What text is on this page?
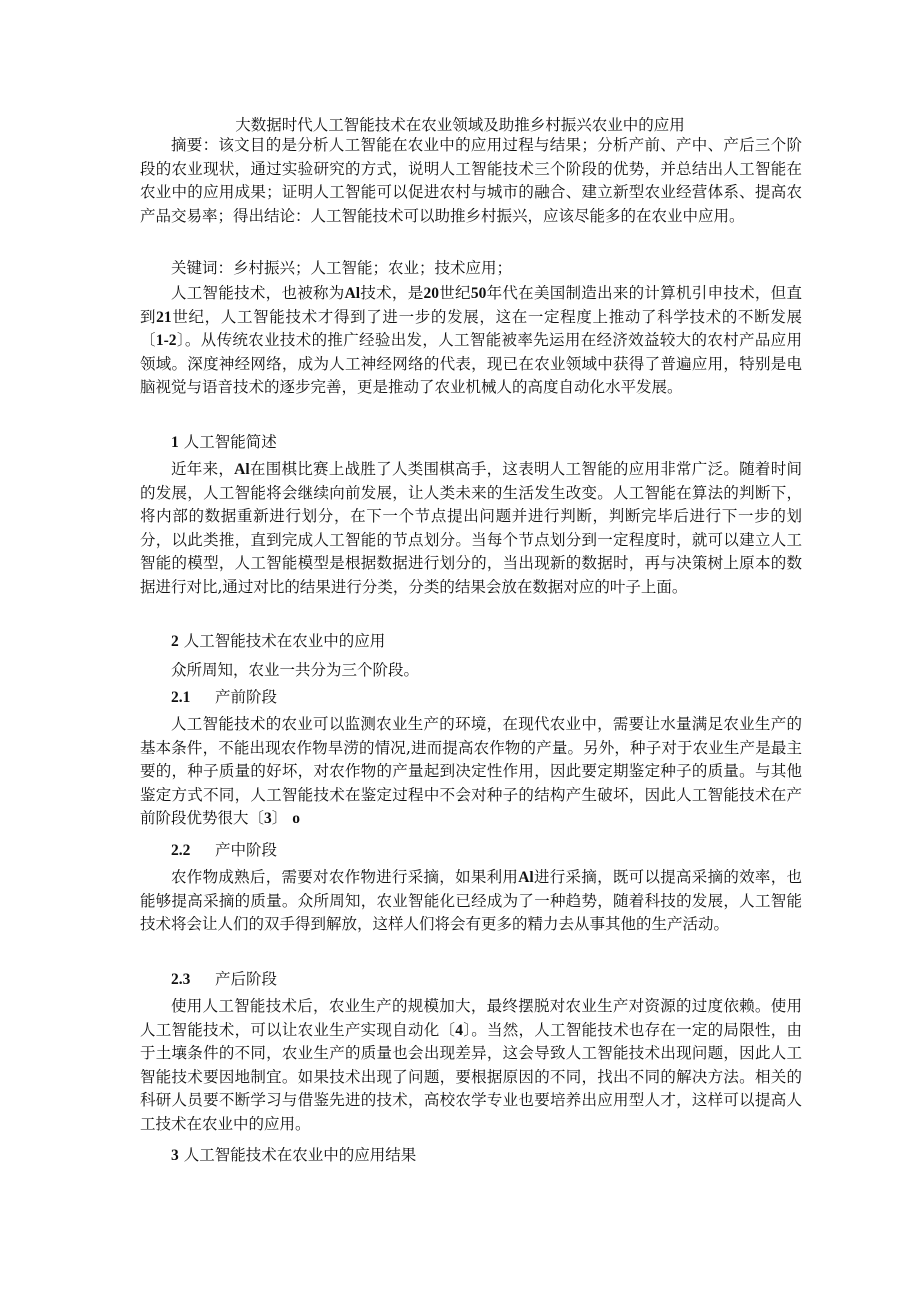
大数据时代人工智能技术在农业领域及助推乡村振兴农业中的应用

摘要：该文目的是分析人工智能在农业中的应用过程与结果；分析产前、产中、产后三个阶段的农业现状，通过实验研究的方式，说明人工智能技术三个阶段的优势，并总结出人工智能在农业中的应用成果；证明人工智能可以促进农村与城市的融合、建立新型农业经营体系、提高农产品交易率；得出结论：人工智能技术可以助推乡村振兴，应该尽能多的在农业中应用。

关键词：乡村振兴；人工智能；农业；技术应用；

人工智能技术，也被称为Al技术，是20世纪50年代在美国制造出来的计算机引申技术，但直到21世纪，人工智能技术才得到了进一步的发展，这在一定程度上推动了科学技术的不断发展〔1-2〕。从传统农业技术的推广经验出发，人工智能被率先运用在经济效益较大的农村产品应用领域。深度神经网络，成为人工神经网络的代表，现已在农业领域中获得了普遍应用，特别是电脑视觉与语音技术的逐步完善，更是推动了农业机械人的高度自动化水平发展。

1 人工智能简述

近年来，Al在围棋比赛上战胜了人类围棋高手，这表明人工智能的应用非常广泛。随着时间的发展，人工智能将会继续向前发展，让人类未来的生活发生改变。人工智能在算法的判断下，将内部的数据重新进行划分，在下一个节点提出问题并进行判断，判断完毕后进行下一步的划分，以此类推，直到完成人工智能的节点划分。当每个节点划分到一定程度时，就可以建立人工智能的模型，人工智能模型是根据数据进行划分的，当出现新的数据时，再与决策树上原本的数据进行对比,通过对比的结果进行分类，分类的结果会放在数据对应的叶子上面。

2 人工智能技术在农业中的应用

众所周知，农业一共分为三个阶段。

2.1 产前阶段

人工智能技术的农业可以监测农业生产的环境，在现代农业中，需要让水量满足农业生产的基本条件，不能出现农作物旱涝的情况,进而提高农作物的产量。另外，种子对于农业生产是最主要的，种子质量的好坏，对农作物的产量起到决定性作用，因此要定期鉴定种子的质量。与其他鉴定方式不同，人工智能技术在鉴定过程中不会对种子的结构产生破坏，因此人工智能技术在产前阶段优势很大〔3〕 o

2.2 产中阶段

农作物成熟后，需要对农作物进行采摘，如果利用Al进行采摘，既可以提高采摘的效率，也能够提高采摘的质量。众所周知，农业智能化已经成为了一种趋势，随着科技的发展，人工智能技术将会让人们的双手得到解放，这样人们将会有更多的精力去从事其他的生产活动。

2.3 产后阶段

使用人工智能技术后，农业生产的规模加大，最终摆脱对农业生产对资源的过度依赖。使用人工智能技术，可以让农业生产实现自动化〔4〕。当然，人工智能技术也存在一定的局限性，由于土壤条件的不同，农业生产的质量也会出现差异，这会导致人工智能技术出现问题，因此人工智能技术要因地制宜。如果技术出现了问题，要根据原因的不同，找出不同的解决方法。相关的科研人员要不断学习与借鉴先进的技术，高校农学专业也要培养出应用型人才，这样可以提高人工技术在农业中的应用。

3 人工智能技术在农业中的应用结果
